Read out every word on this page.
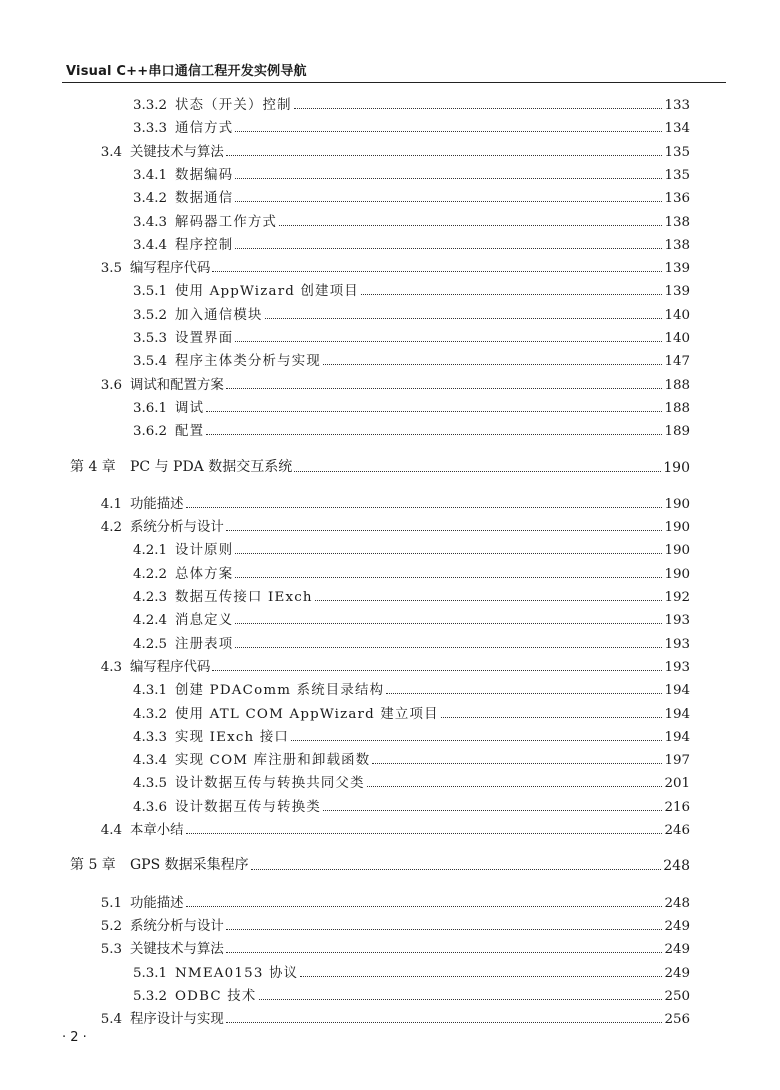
Visual C++串口通信工程开发实例导航
3.3.2 状态（开关）控制	133
3.3.3 通信方式	134
3.4 关键技术与算法	135
3.4.1 数据编码	135
3.4.2 数据通信	136
3.4.3 解码器工作方式	138
3.4.4 程序控制	138
3.5 编写程序代码	139
3.5.1 使用 AppWizard 创建项目	139
3.5.2 加入通信模块	140
3.5.3 设置界面	140
3.5.4 程序主体类分析与实现	147
3.6 调试和配置方案	188
3.6.1 调试	188
3.6.2 配置	189
第 4 章	PC 与 PDA 数据交互系统	190
4.1 功能描述	190
4.2 系统分析与设计	190
4.2.1 设计原则	190
4.2.2 总体方案	190
4.2.3 数据互传接口 IExch	192
4.2.4 消息定义	193
4.2.5 注册表项	193
4.3 编写程序代码	193
4.3.1 创建 PDAComm 系统目录结构	194
4.3.2 使用 ATL COM AppWizard 建立项目	194
4.3.3 实现 IExch 接口	194
4.3.4 实现 COM 库注册和卸载函数	197
4.3.5 设计数据互传与转换共同父类	201
4.3.6 设计数据互传与转换类	216
4.4 本章小结	246
第 5 章	GPS 数据采集程序	248
5.1 功能描述	248
5.2 系统分析与设计	249
5.3 关键技术与算法	249
5.3.1 NMEA0153 协议	249
5.3.2 ODBC 技术	250
5.4 程序设计与实现	256
· 2 ·
